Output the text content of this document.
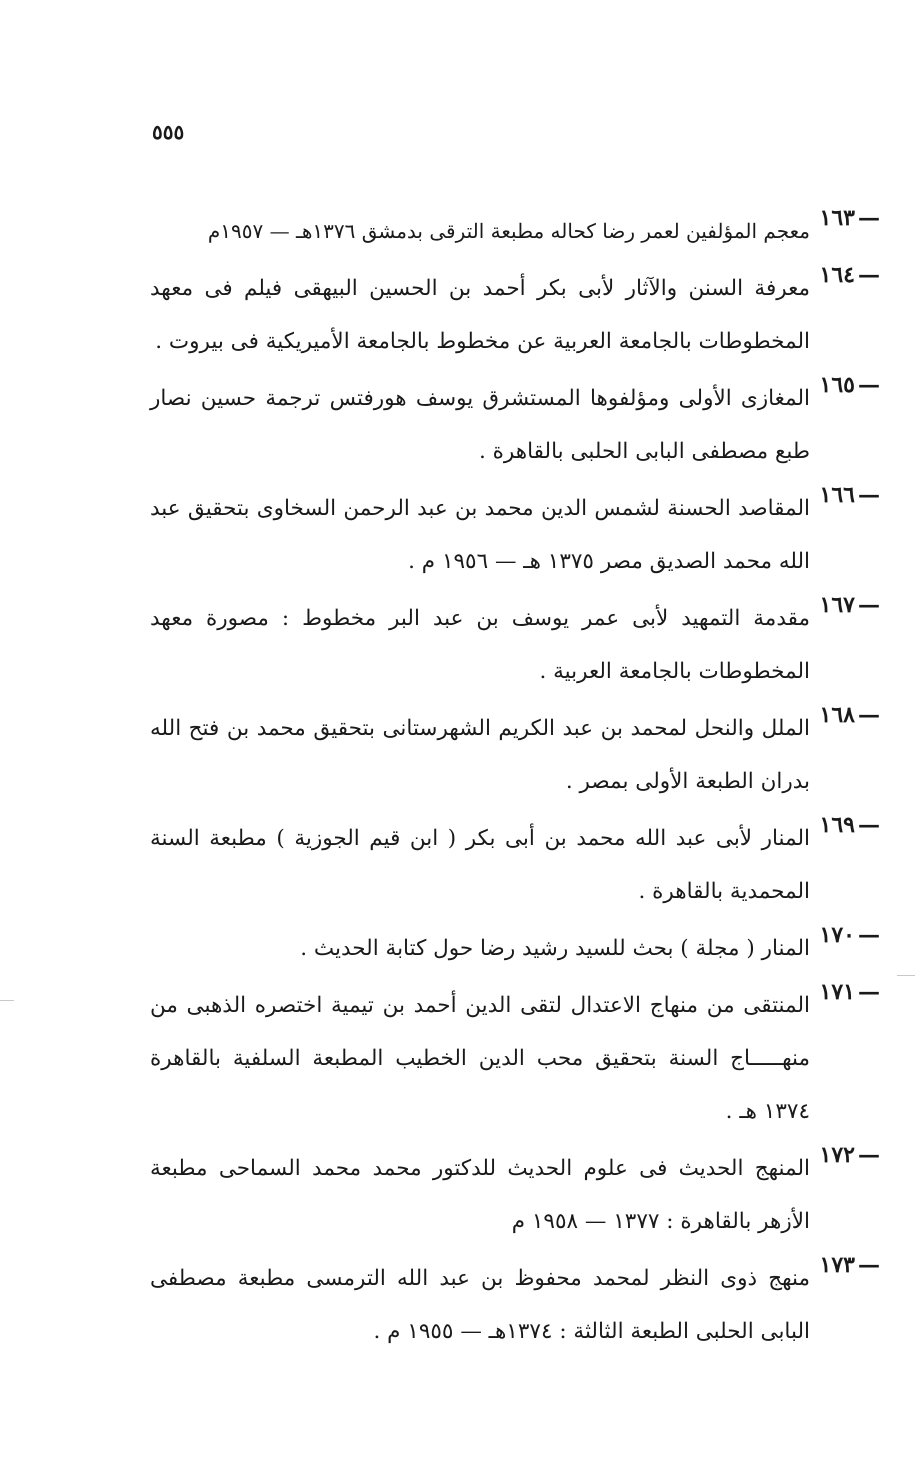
٥٥٥
١٦٣ —
معجم المؤلفين لعمر رضا كحاله مطبعة الترقى بدمشق ١٣٧٦هـ — ١٩٥٧م
١٦٤ —
معرفة السنن والآثار لأبى بكر أحمد بن الحسين البيهقى فيلم فى معهد المخطوطات بالجامعة العربية عن مخطوط بالجامعة الأميريكية فى بيروت .
١٦٥ —
المغازى الأولى ومؤلفوها المستشرق يوسف هورفتس ترجمة حسين نصار طبع مصطفى البابى الحلبى بالقاهرة .
١٦٦ —
المقاصد الحسنة لشمس الدين محمد بن عبد الرحمن السخاوى بتحقيق عبد الله محمد الصديق مصر ١٣٧٥ هـ — ١٩٥٦ م .
١٦٧ —
مقدمة التمهيد لأبى عمر يوسف بن عبد البر مخطوط : مصورة معهد المخطوطات بالجامعة العربية .
١٦٨ —
الملل والنحل لمحمد بن عبد الكريم الشهرستانى بتحقيق محمد بن فتح الله بدران الطبعة الأولى بمصر .
١٦٩ —
المنار لأبى عبد الله محمد بن أبى بكر ( ابن قيم الجوزية ) مطبعة السنة المحمدية بالقاهرة .
١٧٠ —
المنار ( مجلة ) بحث للسيد رشيد رضا حول كتابة الحديث .
١٧١ —
المنتقى من منهاج الاعتدال لتقى الدين أحمد بن تيمية اختصره الذهبى من منهـــــاج السنة بتحقيق محب الدين الخطيب المطبعة السلفية بالقاهرة ١٣٧٤ هـ .
١٧٢ —
المنهج الحديث فى علوم الحديث للدكتور محمد محمد السماحى مطبعة الأزهر بالقاهرة : ١٣٧٧ — ١٩٥٨ م
١٧٣ —
منهج ذوى النظر لمحمد محفوظ بن عبد الله الترمسى مطبعة مصطفى البابى الحلبى الطبعة الثالثة : ١٣٧٤هـ — ١٩٥٥ م .
